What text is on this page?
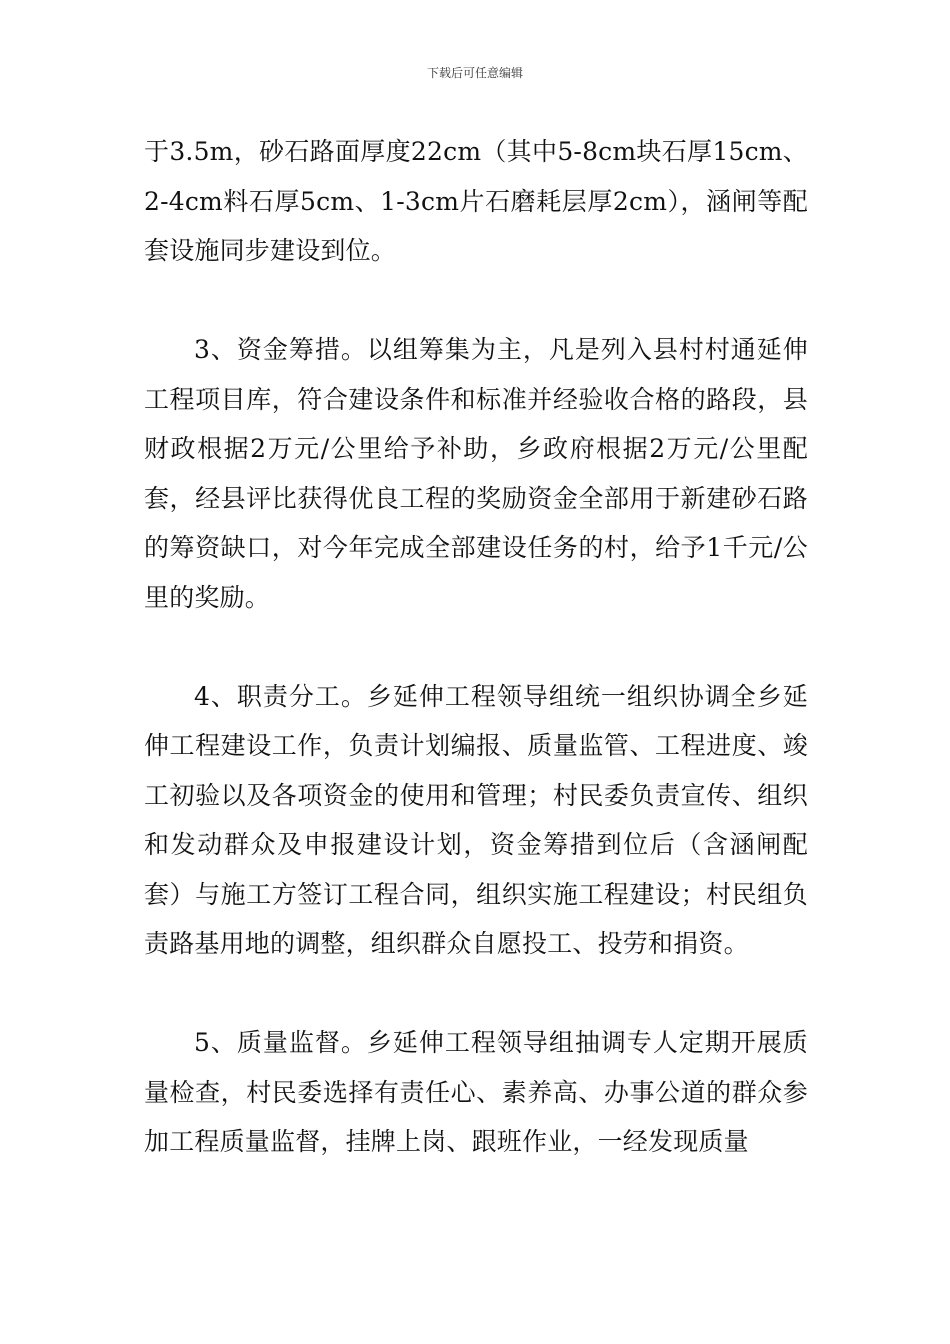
下载后可任意编辑

于3.5m，砂石路面厚度22cm（其中5-8cm块石厚15cm、2-4cm料石厚5cm、1-3cm片石磨耗层厚2cm），涵闸等配套设施同步建设到位。

3、资金筹措。以组筹集为主，凡是列入县村村通延伸工程项目库，符合建设条件和标准并经验收合格的路段，县财政根据2万元/公里给予补助，乡政府根据2万元/公里配套，经县评比获得优良工程的奖励资金全部用于新建砂石路的筹资缺口，对今年完成全部建设任务的村，给予1千元/公里的奖励。

4、职责分工。乡延伸工程领导组统一组织协调全乡延伸工程建设工作，负责计划编报、质量监管、工程进度、竣工初验以及各项资金的使用和管理；村民委负责宣传、组织和发动群众及申报建设计划，资金筹措到位后（含涵闸配套）与施工方签订工程合同，组织实施工程建设；村民组负责路基用地的调整，组织群众自愿投工、投劳和捐资。

5、质量监督。乡延伸工程领导组抽调专人定期开展质量检查，村民委选择有责任心、素养高、办事公道的群众参加工程质量监督，挂牌上岗、跟班作业，一经发现质量
